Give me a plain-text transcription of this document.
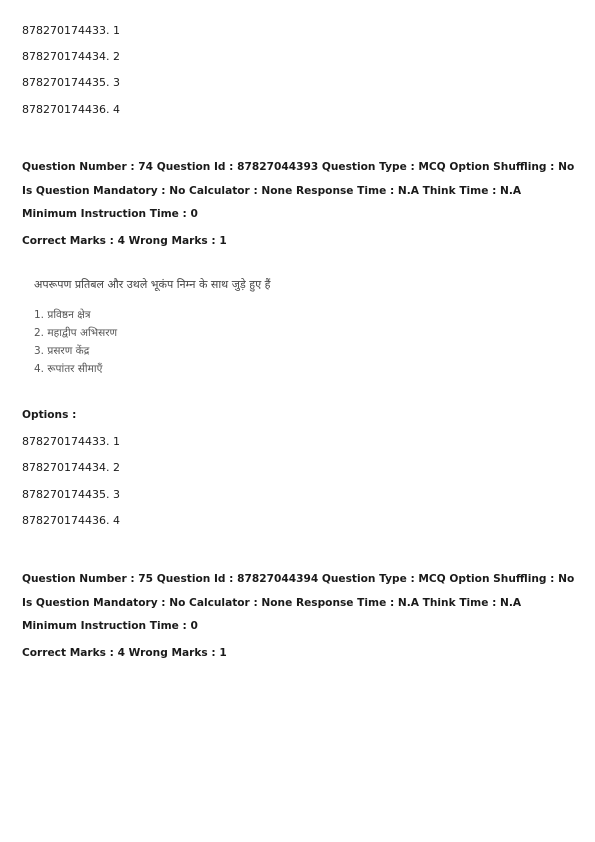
878270174433. 1
878270174434. 2
878270174435. 3
878270174436. 4
Question Number : 74 Question Id : 87827044393 Question Type : MCQ Option Shuffling : No
Is Question Mandatory : No Calculator : None Response Time : N.A Think Time : N.A
Minimum Instruction Time : 0
Correct Marks : 4 Wrong Marks : 1
अपरूपण प्रतिबल और उथले भूकंप निम्न के साथ जुड़े हुए हैं
1. प्रविष्ठन क्षेत्र
2. महाद्वीप अभिसरण
3. प्रसरण केंद्र
4. रूपांतर सीमाएँ
Options :
878270174433. 1
878270174434. 2
878270174435. 3
878270174436. 4
Question Number : 75 Question Id : 87827044394 Question Type : MCQ Option Shuffling : No
Is Question Mandatory : No Calculator : None Response Time : N.A Think Time : N.A
Minimum Instruction Time : 0
Correct Marks : 4 Wrong Marks : 1
